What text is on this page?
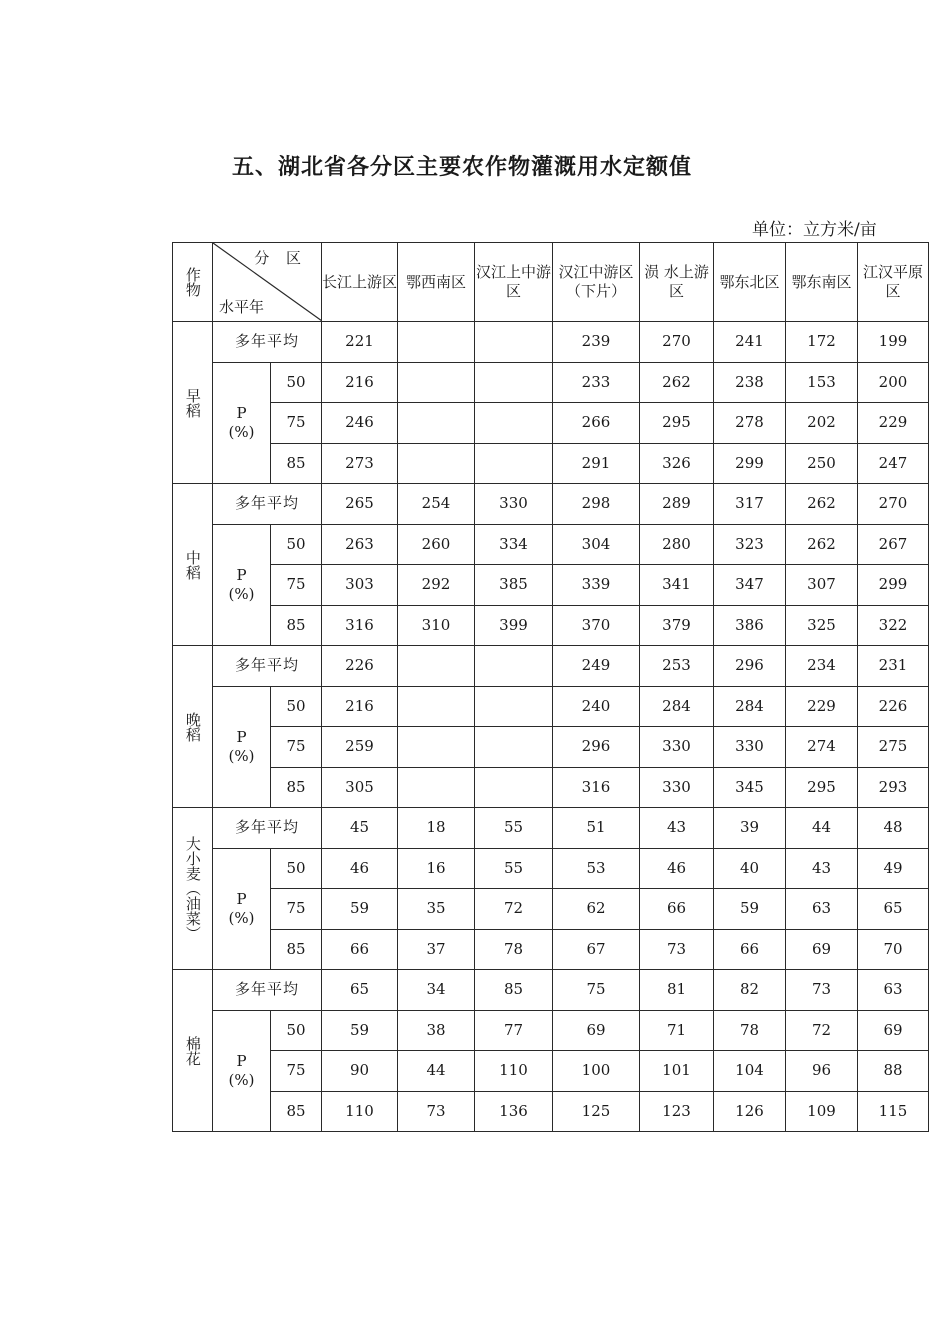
五、湖北省各分区主要农作物灌溉用水定额值
单位：立方米/亩
作物	分 区
水平年		长江上游区	鄂西南区	汉江上中游区	汉江中游区（下片）	涢 水上游区	鄂东北区	鄂东南区	江汉平原区
早稻	多年平均		221			239	270	241	172	199

	P
(%)	50	216			233	262	238	153	200
		75	246			266	295	278	202	229
		85	273			291	326	299	250	247
中稻	多年平均		265	254	330	298	289	317	262	270

	P
(%)	50	263	260	334	304	280	323	262	267
		75	303	292	385	339	341	347	307	299
		85	316	310	399	370	379	386	325	322
晚稻	多年平均		226			249	253	296	234	231

	P
(%)	50	216			240	284	284	229	226
		75	259			296	330	330	274	275
		85	305			316	330	345	295	293
大小麦（油菜）	多年平均		45	18	55	51	43	39	44	48

	P
(%)	50	46	16	55	53	46	40	43	49
		75	59	35	72	62	66	59	63	65
		85	66	37	78	67	73	66	69	70
棉花	多年平均		65	34	85	75	81	82	73	63

	P
(%)	50	59	38	77	69	71	78	72	69
		75	90	44	110	100	101	104	96	88
		85	110	73	136	125	123	126	109	115
